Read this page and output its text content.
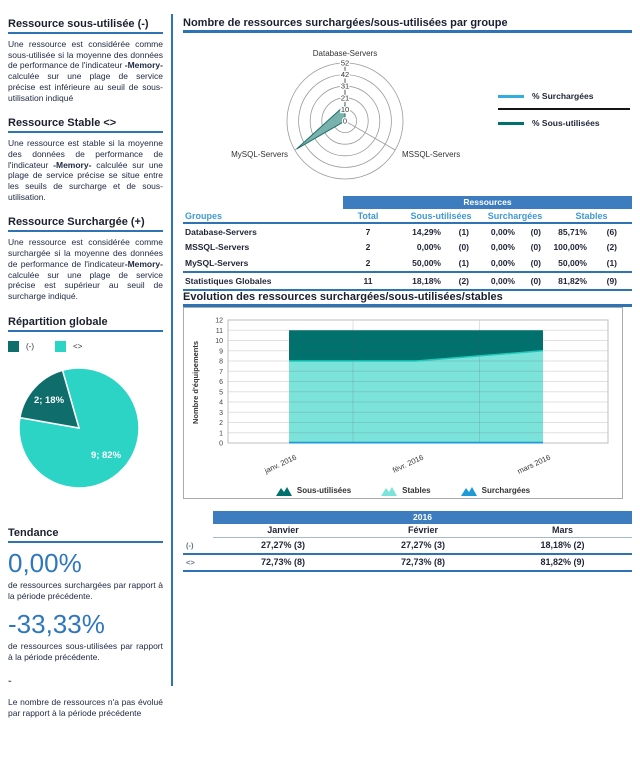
Ressource sous-utilisée (-)

Une ressource est considérée comme sous-utilisée si la moyenne des données de performance de l'indicateur -Memory- calculée sur une plage de service précise est inférieure au seuil de sous-utilisation indiqué

Ressource Stable <>

Une ressource est stable si la moyenne des données de performance de l'indicateur -Memory- calculée sur une plage de service précise se situe entre les seuils de surcharge et de sous-utilisation.

Ressource Surchargée (+)

Une ressource est considérée comme surchargée si la moyenne des données de performance de l'indicateur-Memory- calculée sur une plage de service précise est supérieur au seuil de surcharge indiqué.

Répartition globale
(-)	<>
2; 18%
9; 82%
Tendance
0,00%

de ressources surchargées par rapport à la période précédente.

-33,33%

de ressources sous-utilisées par rapport à la période précédente.

-

Le nombre de ressources n'a pas évolué par rapport à la période précédente

Nombre de ressources surchargées/sous-utilisées par groupe
0
10
21
31
42
52
Database-Servers
MySQL-Servers	MSSQL-Servers
% Surchargées
% Sous-utilisées
Ressources
Groupes	Total	Sous-utilisées	Surchargées	Stables
Database-Servers	7	14,29%	(1)	0,00%	(0)	85,71%	(6)
MSSQL-Servers	2	0,00%	(0)	0,00%	(0)	100,00%	(2)
MySQL-Servers	2	50,00%	(1)	0,00%	(0)	50,00%	(1)
Statistiques Globales	11	18,18%	(2)	0,00%	(0)	81,82%	(9)
Evolution des ressources surchargées/sous-utilisées/stables
0
1
2
3
4
5
6
7
8
9
10
11
12
janv. 2016	févr. 2016	mars 2016
Nombre d'équipements
Sous-utilisées	Stables	Surchargées
2016
Janvier	Février	Mars
(-)	27,27% (3)	27,27% (3)	18,18% (2)
<>	72,73% (8)	72,73% (8)	81,82% (9)
